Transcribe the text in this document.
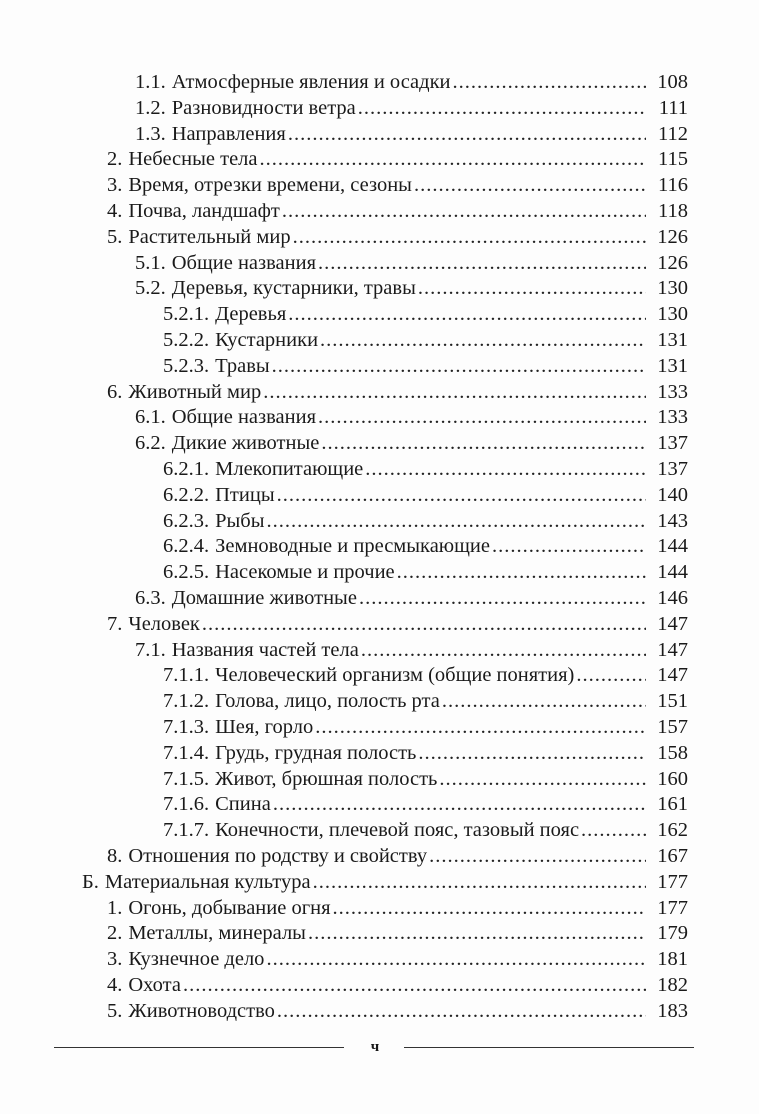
1.1. Атмосферные явления и осадки .....	108
1.2. Разновидности ветра .....	111
1.3. Направления .....	112
2. Небесные тела .....	115
3. Время, отрезки времени, сезоны .....	116
4. Почва, ландшафт .....	118
5. Растительный мир .....	126
5.1. Общие названия .....	126
5.2. Деревья, кустарники, травы .....	130
5.2.1. Деревья .....	130
5.2.2. Кустарники .....	131
5.2.3. Травы .....	131
6. Животный мир .....	133
6.1. Общие названия .....	133
6.2. Дикие животные .....	137
6.2.1. Млекопитающие .....	137
6.2.2. Птицы .....	140
6.2.3. Рыбы .....	143
6.2.4. Земноводные и пресмыкающие .....	144
6.2.5. Насекомые и прочие .....	144
6.3. Домашние животные .....	146
7. Человек .....	147
7.1. Названия частей тела .....	147
7.1.1. Человеческий организм (общие понятия) .....	147
7.1.2. Голова, лицо, полость рта .....	151
7.1.3. Шея, горло .....	157
7.1.4. Грудь, грудная полость .....	158
7.1.5. Живот, брюшная полость .....	160
7.1.6. Спина .....	161
7.1.7. Конечности, плечевой пояс, тазовый пояс .....	162
8. Отношения по родству и свойству .....	167
Б. Материальная культура .....	177
1. Огонь, добывание огня .....	177
2. Металлы, минералы .....	179
3. Кузнечное дело .....	181
4. Охота .....	182
5. Животноводство .....	183
ч
